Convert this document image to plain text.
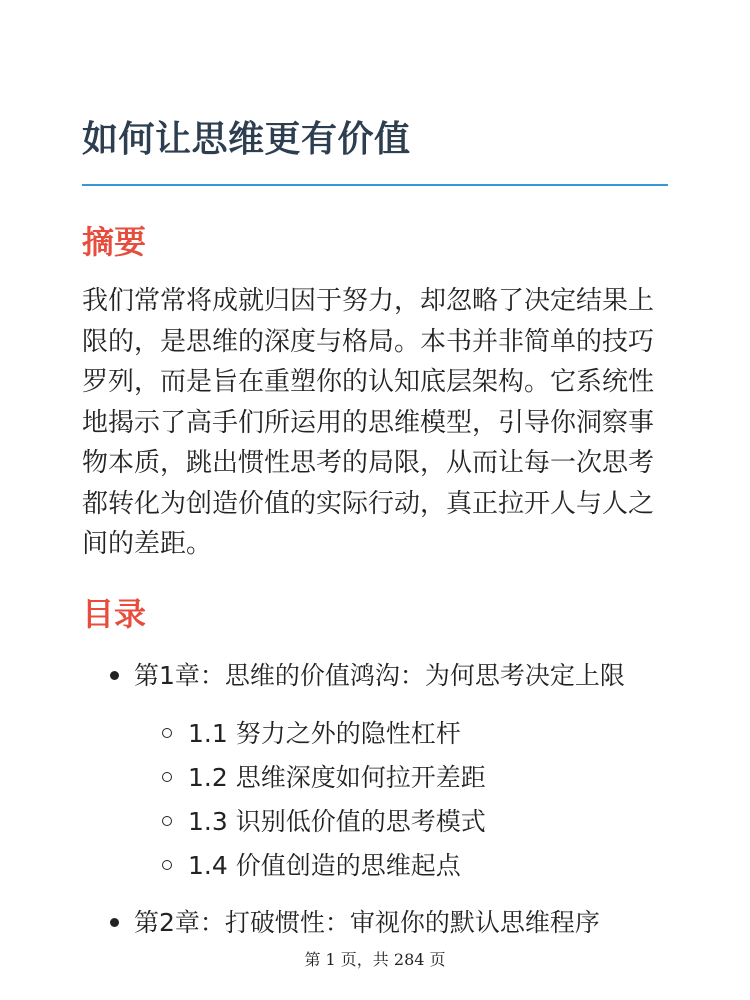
如何让思维更有价值
摘要

我们常常将成就归因于努力，却忽略了决定结果上限的，是思维的深度与格局。本书并非简单的技巧罗列，而是旨在重塑你的认知底层架构。它系统性地揭示了高手们所运用的思维模型，引导你洞察事物本质，跳出惯性思考的局限，从而让每一次思考都转化为创造价值的实际行动，真正拉开人与人之间的差距。

目录
第1章：思维的价值鸿沟：为何思考决定上限
1.1 努力之外的隐性杠杆
1.2 思维深度如何拉开差距
1.3 识别低价值的思考模式
1.4 价值创造的思维起点
第2章：打破惯性：审视你的默认思维程序
第 1 页，共 284 页
